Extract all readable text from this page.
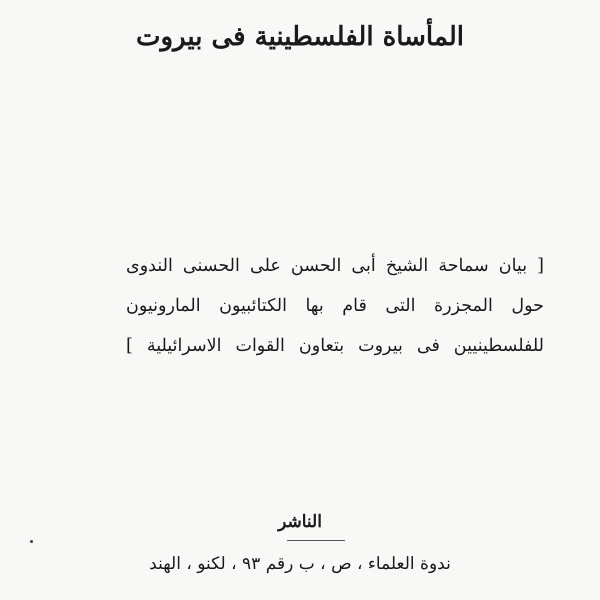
المأساة الفلسطينية فى بيروت
[ بيان سماحة الشيخ أبى الحسن على الحسنى الندوى
حول المجزرة التى قام بها الكتائبيون المارونيون
للفلسطينيين فى بيروت بتعاون القوات الاسرائيلية ]
الناشر
ندوة العلماء ، ص ، ب رقم ٩٣ ، لكنو ، الهند
